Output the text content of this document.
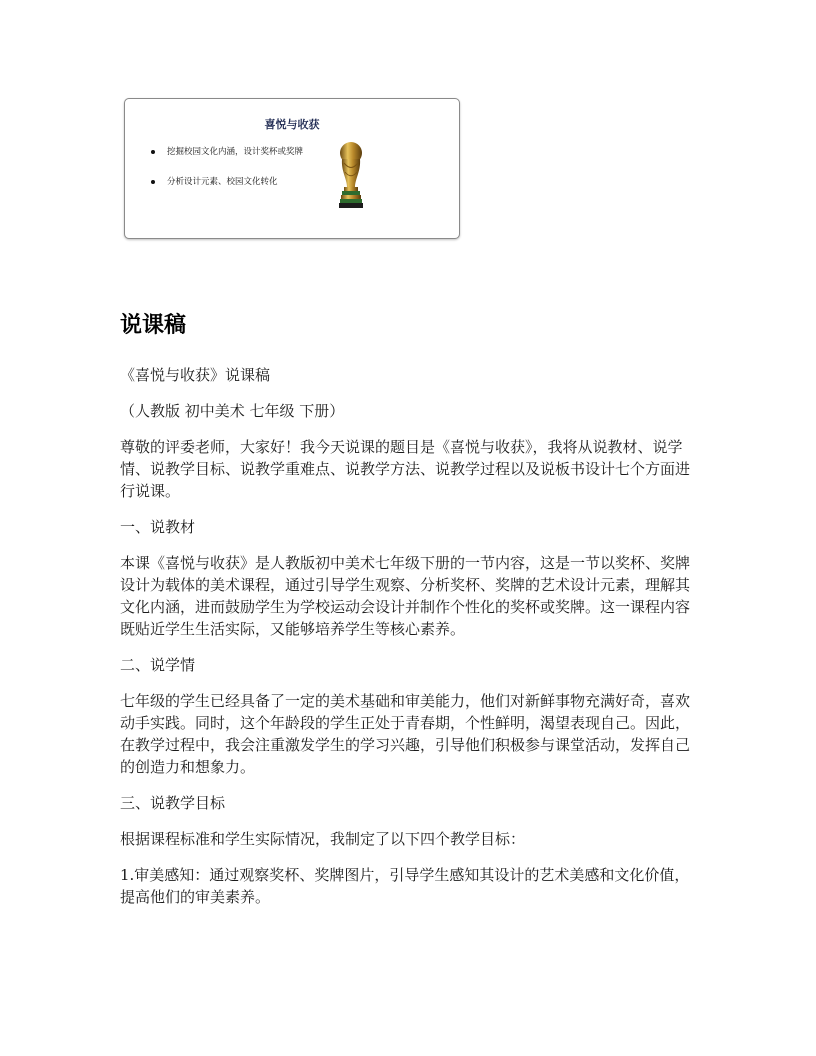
喜悦与收获
挖掘校园文化内涵，设计奖杯或奖牌
分析设计元素、校园文化转化
说课稿

《喜悦与收获》说课稿

（人教版 初中美术 七年级 下册）

尊敬的评委老师，大家好！我今天说课的题目是《喜悦与收获》，我将从说教材、说学情、说教学目标、说教学重难点、说教学方法、说教学过程以及说板书设计七个方面进行说课。

一、说教材

本课《喜悦与收获》是人教版初中美术七年级下册的一节内容，这是一节以奖杯、奖牌设计为载体的美术课程，通过引导学生观察、分析奖杯、奖牌的艺术设计元素，理解其文化内涵，进而鼓励学生为学校运动会设计并制作个性化的奖杯或奖牌。这一课程内容既贴近学生生活实际，又能够培养学生等核心素养。

二、说学情

七年级的学生已经具备了一定的美术基础和审美能力，他们对新鲜事物充满好奇，喜欢动手实践。同时，这个年龄段的学生正处于青春期，个性鲜明，渴望表现自己。因此，在教学过程中，我会注重激发学生的学习兴趣，引导他们积极参与课堂活动，发挥自己的创造力和想象力。

三、说教学目标

根据课程标准和学生实际情况，我制定了以下四个教学目标：

1.审美感知：通过观察奖杯、奖牌图片，引导学生感知其设计的艺术美感和文化价值，提高他们的审美素养。
